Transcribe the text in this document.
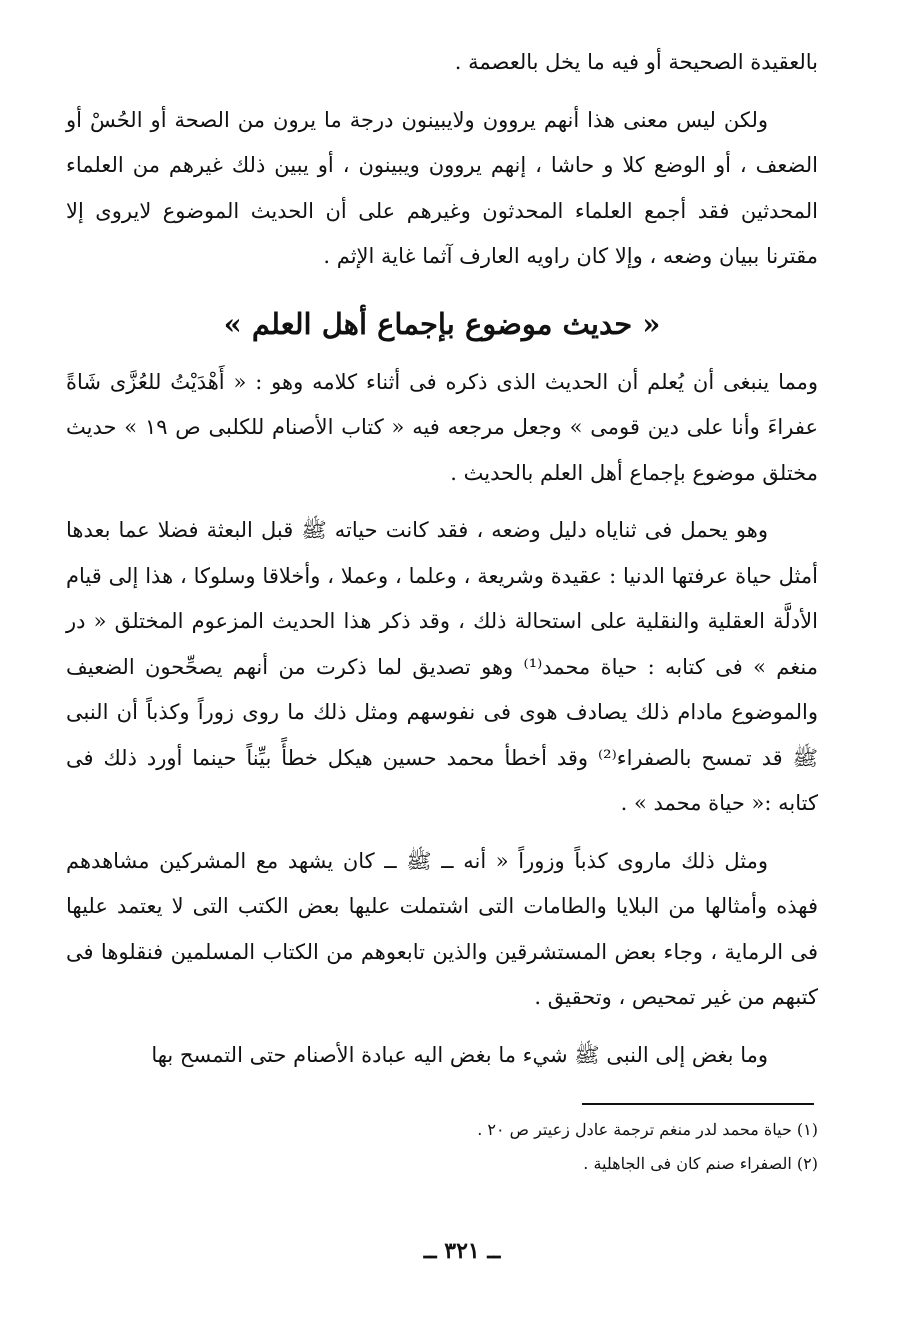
بالعقيدة الصحيحة أو فيه ما يخل بالعصمة .

ولكن ليس معنى هذا أنهم يروون ولايبينون درجة ما يرون من الصحة أو الحُسْ أو الضعف ، أو الوضع كلا و حاشا ، إنهم يروون ويبينون ، أو يبين ذلك غيرهم من العلماء المحدثين فقد أجمع العلماء المحدثون وغيرهم على أن الحديث الموضوع لايروى إلا مقترنا ببيان وضعه ، وإلا كان راويه العارف آثما غاية الإثم .

« حديث موضوع بإجماع أهل العلم »

ومما ينبغى أن يُعلم أن الحديث الذى ذكره فى أثناء كلامه وهو : « أَهْدَيْتُ للعُزَّى شَاةً عفراءَ وأنا على دين قومى » وجعل مرجعه فيه « كتاب الأصنام للكلبى ص ١٩ » حديث مختلق موضوع بإجماع أهل العلم بالحديث .

وهو يحمل فى ثناياه دليل وضعه ، فقد كانت حياته ﷺ قبل البعثة فضلا عما بعدها أمثل حياة عرفتها الدنيا : عقيدة وشريعة ، وعلما ، وعملا ، وأخلاقا وسلوكا ، هذا إلى قيام الأدلَّة العقلية والنقلية على استحالة ذلك ، وقد ذكر هذا الحديث المزعوم المختلق « در منغم » فى كتابه : حياة محمد⁽¹⁾ وهو تصديق لما ذكرت من أنهم يصحِّحون الضعيف والموضوع مادام ذلك يصادف هوى فى نفوسهم ومثل ذلك ما روى زوراً وكذباً أن النبى ﷺ قد تمسح بالصفراء⁽²⁾ وقد أخطأ محمد حسين هيكل خطأً بيِّناً حينما أورد ذلك فى كتابه :« حياة محمد » .

ومثل ذلك ماروى كذباً وزوراً « أنه ــ ﷺ ــ كان يشهد مع المشركين مشاهدهم فهذه وأمثالها من البلايا والطامات التى اشتملت عليها بعض الكتب التى لا يعتمد عليها فى الرماية ، وجاء بعض المستشرقين والذين تابعوهم من الكتاب المسلمين فنقلوها فى كتبهم من غير تمحيص ، وتحقيق .

وما بغض إلى النبى ﷺ شيء ما بغض اليه عبادة الأصنام حتى التمسح بها

(١) حياة محمد لدر منغم ترجمة عادل زعيتر ص ٢٠ .

(٢) الصفراء صنم كان فى الجاهلية .

ــ ٣٢١ ــ
